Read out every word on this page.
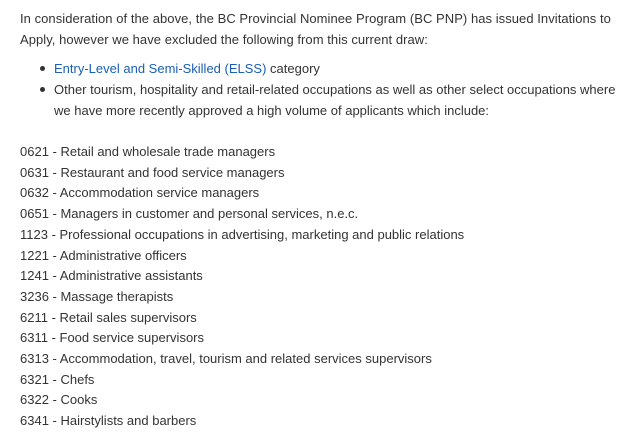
In consideration of the above, the BC Provincial Nominee Program (BC PNP) has issued Invitations to Apply, however we have excluded the following from this current draw:

Entry-Level and Semi-Skilled (ELSS) category
Other tourism, hospitality and retail-related occupations as well as other select occupations where we have more recently approved a high volume of applicants which include:
0621 - Retail and wholesale trade managers
0631 - Restaurant and food service managers
0632 - Accommodation service managers
0651 - Managers in customer and personal services, n.e.c.
1123 - Professional occupations in advertising, marketing and public relations
1221 - Administrative officers
1241 - Administrative assistants
3236 - Massage therapists
6211 - Retail sales supervisors
6311 - Food service supervisors
6313 - Accommodation, travel, tourism and related services supervisors
6321 - Chefs
6322 - Cooks
6341 - Hairstylists and barbers
